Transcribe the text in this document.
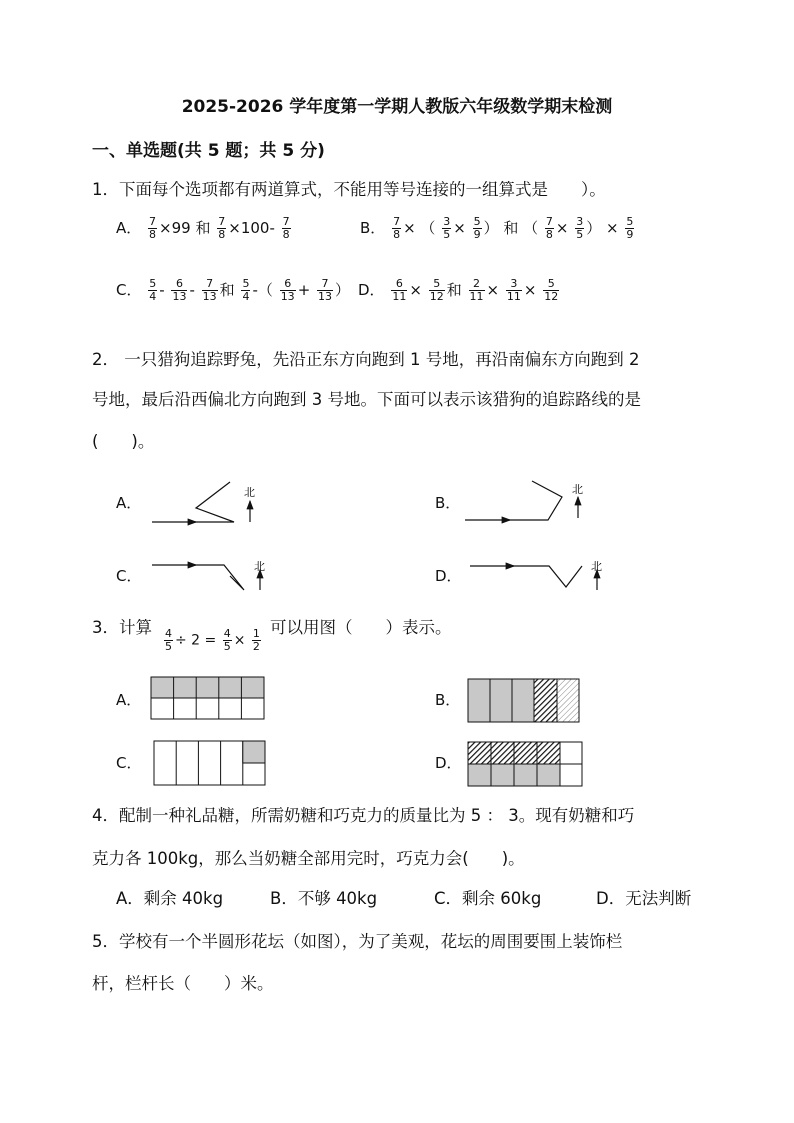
2025-2026 学年度第一学期人教版六年级数学期末检测
一、单选题(共 5 题；共 5 分)
1．下面每个选项都有两道算式，不能用等号连接的一组算式是　　）。
A． $\frac{7}{8} \times 99$ 和 $\frac{7}{8} \times 100- \frac{7}{8}$	B． $\frac{7}{8}$ × （ $\frac{3}{5} \times \frac{5}{9}$ ） 和 （ $\frac{7}{8} \times \frac{3}{5}$ ） × $\frac{5}{9}$
C． $\frac{5}{4} - \frac{6}{13} - \frac{7}{13}$ 和 $\frac{5}{4}$ -（ $\frac{6}{13} + \frac{7}{13}$ ） D． $\frac{6}{11} \times \frac{5}{12}$ 和 $\frac{2}{11} \times \frac{3}{11} \times \frac{5}{12}$
2． 一只猎狗追踪野兔，先沿正东方向跑到 1 号地，再沿南偏东方向跑到 2
号地，最后沿西偏北方向跑到 3 号地。下面可以表示该猎狗的追踪路线的是
(　　)。
A．	B．
C．	D．
北	北
北	北
3．计算
$\frac{4}{5} \div 2 = \frac{4}{5} \times \frac{1}{2}$
可以用图（　　）表示。
A．	B．
C．	D．
4．配制一种礼品糖，所需奶糖和巧克力的质量比为 5 ： 3。现有奶糖和巧
克力各 100kg，那么当奶糖全部用完时，巧克力会(　　)。
A．剩余 40kg	B．不够 40kg	C．剩余 60kg	D．无法判断
5．学校有一个半圆形花坛（如图），为了美观，花坛的周围要围上装饰栏
杆，栏杆长（　　）米。
